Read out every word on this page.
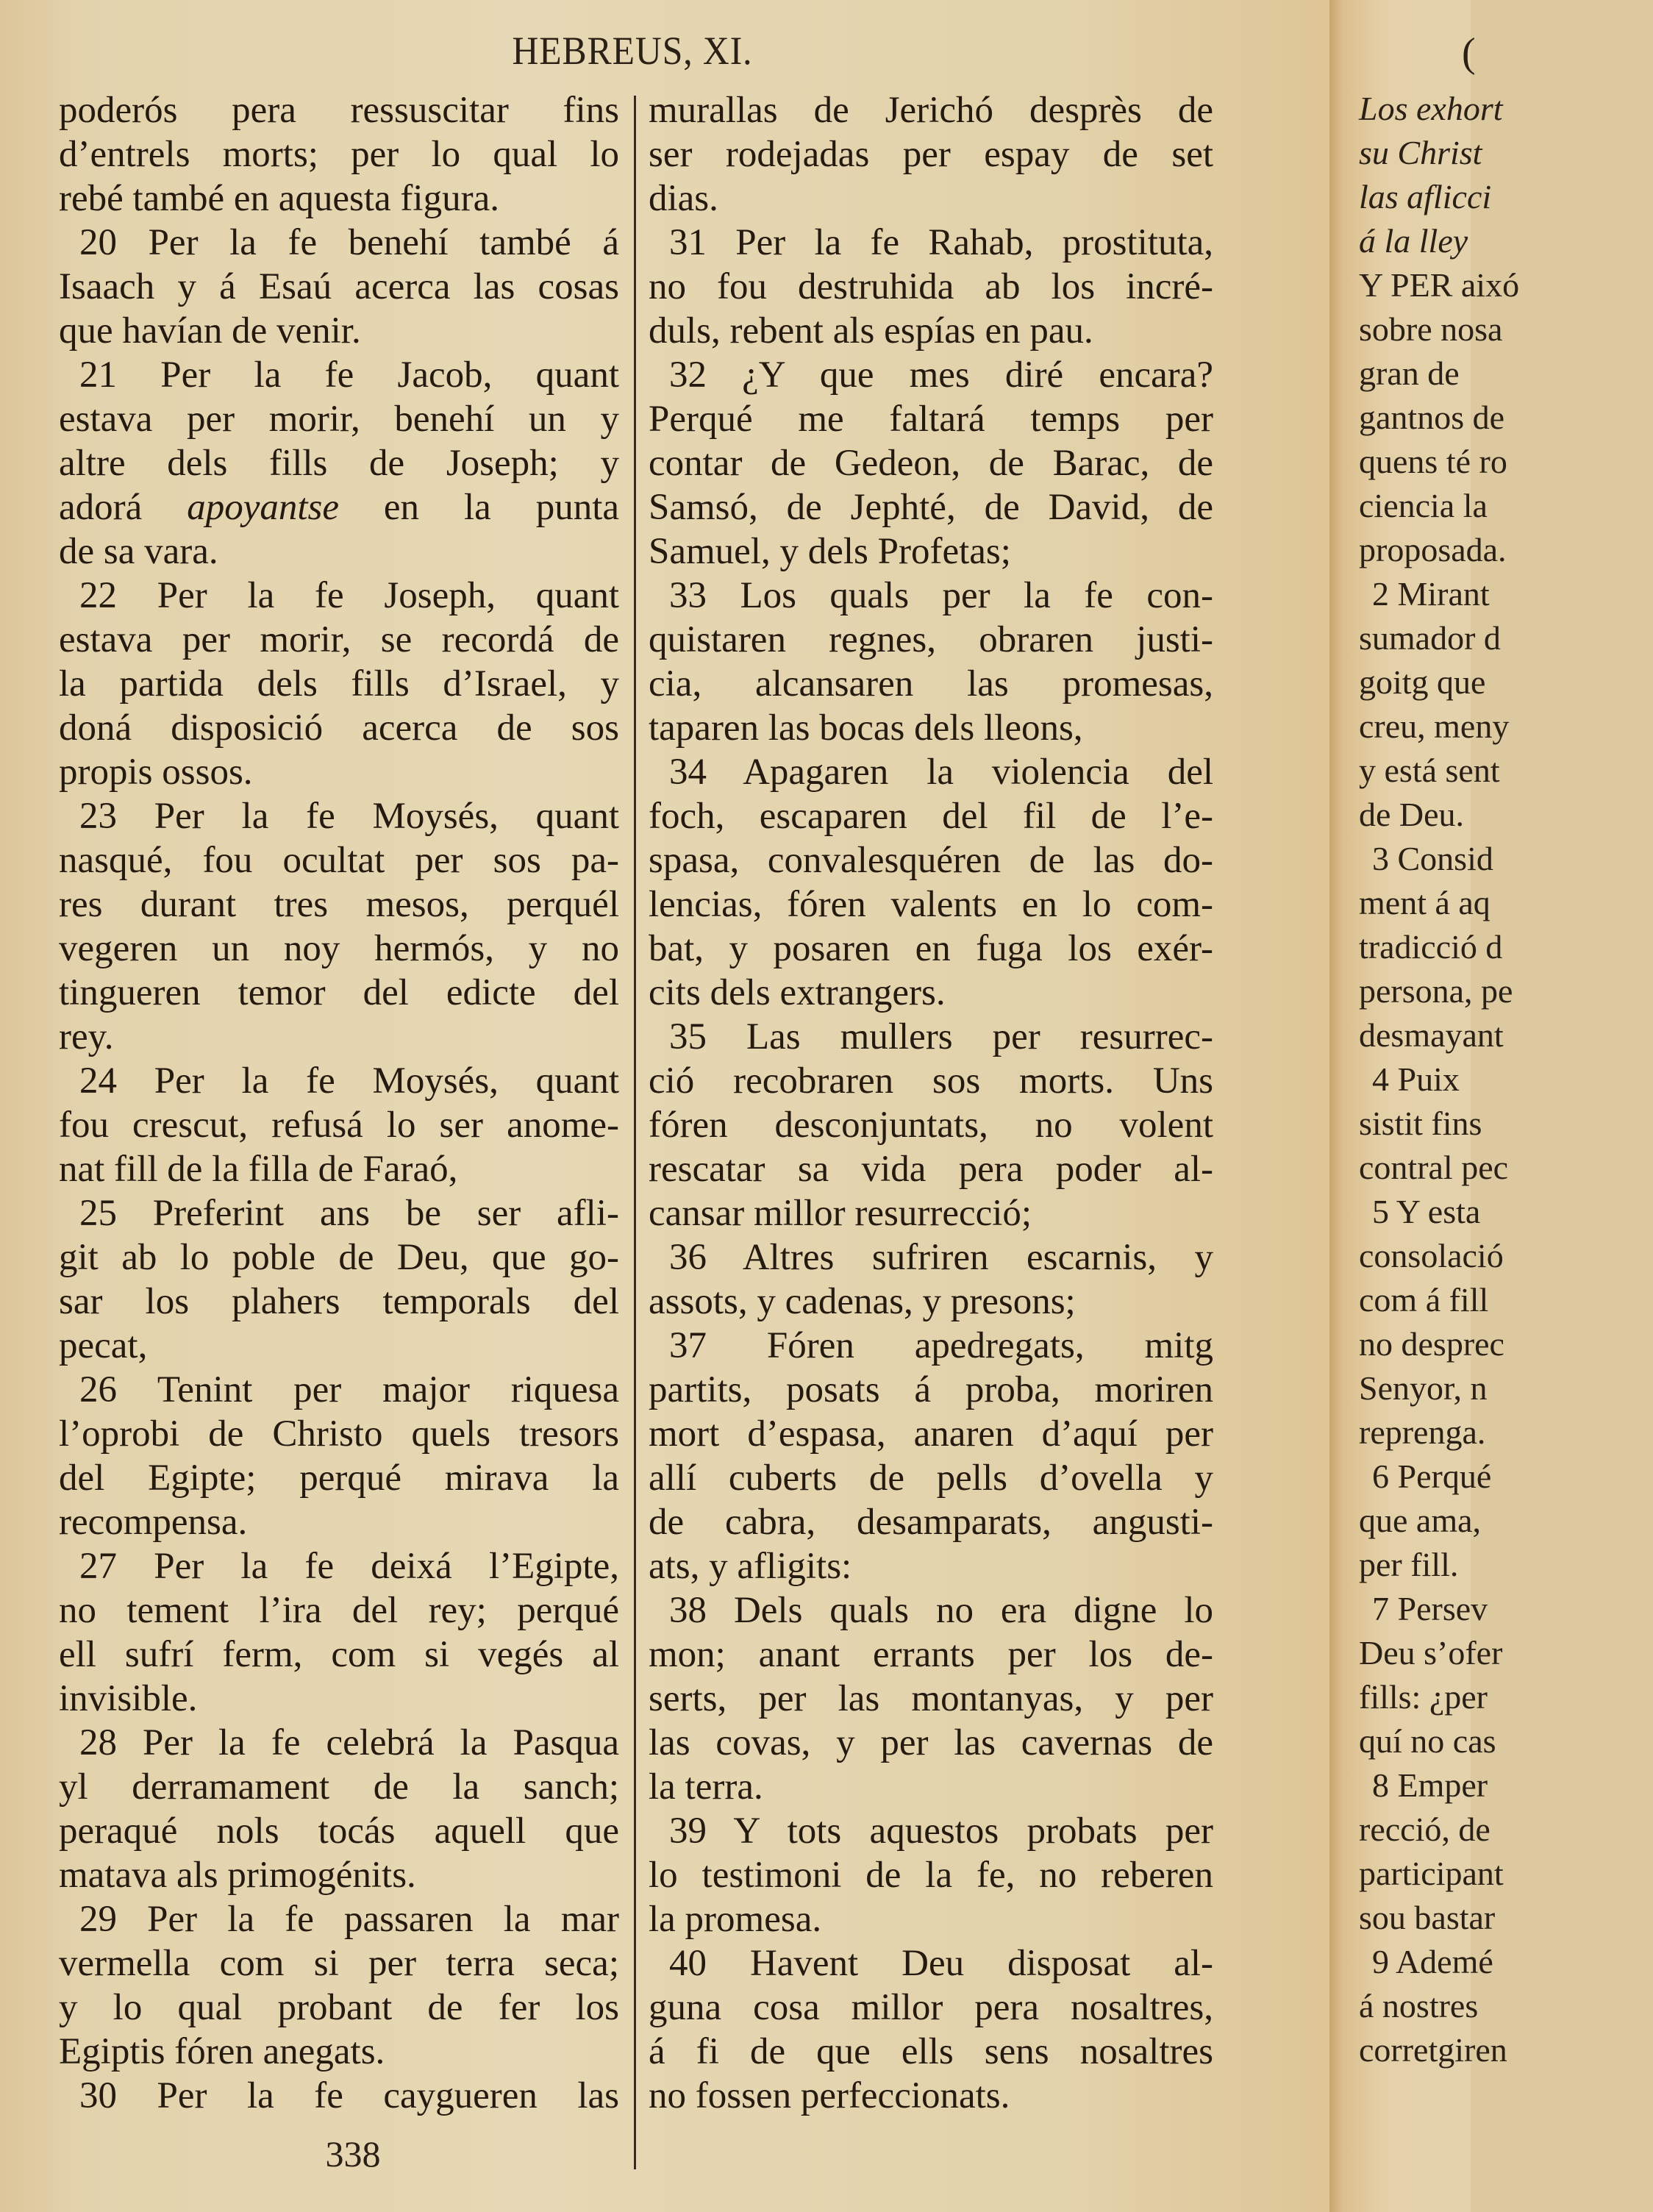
HEBREUS, XI.
poderós pera ressuscitar fins
d’entrels morts; per lo qual lo
rebé també en aquesta figura.
20 Per la fe benehí també á
Isaach y á Esaú acerca las cosas
que havían de venir.
21 Per la fe Jacob, quant
estava per morir, benehí un y
altre dels fills de Joseph; y
adorá apoyantse en la punta
de sa vara.
22 Per la fe Joseph, quant
estava per morir, se recordá de
la partida dels fills d’Israel, y
doná disposició acerca de sos
propis ossos.
23 Per la fe Moysés, quant
nasqué, fou ocultat per sos pa-
res durant tres mesos, perquél
vegeren un noy hermós, y no
tingueren temor del edicte del
rey.
24 Per la fe Moysés, quant
fou crescut, refusá lo ser anome-
nat fill de la filla de Faraó,
25 Preferint ans be ser afli-
git ab lo poble de Deu, que go-
sar los plahers temporals del
pecat,
26 Tenint per major riquesa
l’oprobi de Christo quels tresors
del Egipte; perqué mirava la
recompensa.
27 Per la fe deixá l’Egipte,
no tement l’ira del rey; perqué
ell sufrí ferm, com si vegés al
invisible.
28 Per la fe celebrá la Pasqua
yl derramament de la sanch;
peraqué nols tocás aquell que
matava als primogénits.
29 Per la fe passaren la mar
vermella com si per terra seca;
y lo qual probant de fer los
Egiptis fóren anegats.
30 Per la fe caygueren las
murallas de Jerichó desprès de
ser rodejadas per espay de set
dias.
31 Per la fe Rahab, prostituta,
no fou destruhida ab los incré-
duls, rebent als espías en pau.
32 ¿Y que mes diré encara?
Perqué me faltará temps per
contar de Gedeon, de Barac, de
Samsó, de Jephté, de David, de
Samuel, y dels Profetas;
33 Los quals per la fe con-
quistaren regnes, obraren justi-
cia, alcansaren las promesas,
taparen las bocas dels lleons,
34 Apagaren la violencia del
foch, escaparen del fil de l’e-
spasa, convalesquéren de las do-
lencias, fóren valents en lo com-
bat, y posaren en fuga los exér-
cits dels extrangers.
35 Las mullers per resurrec-
ció recobraren sos morts. Uns
fóren desconjuntats, no volent
rescatar sa vida pera poder al-
cansar millor resurrecció;
36 Altres sufriren escarnis, y
assots, y cadenas, y presons;
37 Fóren apedregats, mitg
partits, posats á proba, moriren
mort d’espasa, anaren d’aquí per
allí cuberts de pells d’ovella y
de cabra, desamparats, angusti-
ats, y afligits:
38 Dels quals no era digne lo
mon; anant errants per los de-
serts, per las montanyas, y per
las covas, y per las cavernas de
la terra.
39 Y tots aquestos probats per
lo testimoni de la fe, no reberen
la promesa.
40 Havent Deu disposat al-
guna cosa millor pera nosaltres,
á fi de que ells sens nosaltres
no fossen perfeccionats.
338
(
Los exhort
su Christ
las aflicci
á la lley
Y PER aixó
sobre nosa
gran de
gantnos de
quens té ro
ciencia la
proposada.
2 Mirant
sumador d
goitg que
creu, meny
y está sent
de Deu.
3 Consid
ment á aq
tradicció d
persona, pe
desmayant
4 Puix
sistit fins
contral pec
5 Y esta
consolació
com á fill
no desprec
Senyor, n
reprenga.
6 Perqué
que ama,
per fill.
7 Persev
Deu s’ofer
fills: ¿per
quí no cas
8 Emper
recció, de
participant
sou bastar
9 Ademé
á nostres
corretgiren
